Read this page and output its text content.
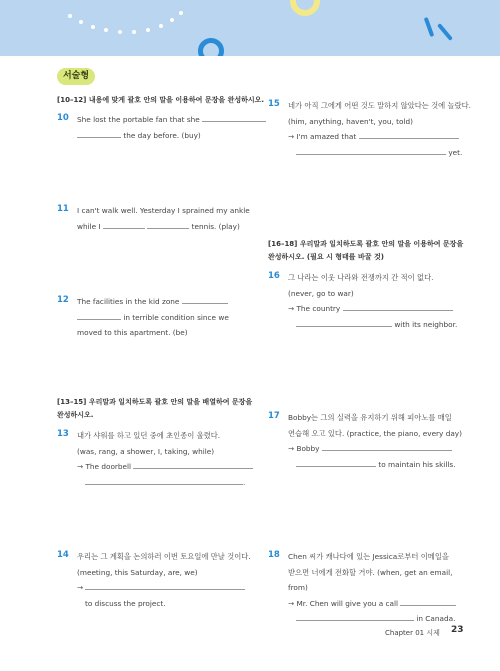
서술형
[10–12] 내용에 맞게 괄호 안의 말을 이용하여 문장을 완성하시오.
10 She lost the portable fan that she
the day before. (buy)
11 I can't walk well. Yesterday I sprained my ankle
while I	tennis. (play)
12 The facilities in the kid zone
in terrible condition since we
moved to this apartment. (be)
[13–15] 우리말과 일치하도록 괄호 안의 말을 배열하여 문장을
완성하시오.
13 내가 샤워를 하고 있던 중에 초인종이 울렸다.
(was, rang, a shower, I, taking, while)
→ The doorbell
.
14 우리는 그 계획을 논의하러 이번 토요일에 만날 것이다.
(meeting, this Saturday, are, we)
→
to discuss the project.
15 네가 아직 그에게 어떤 것도 말하지 않았다는 것에 놀랐다.
(him, anything, haven't, you, told)
→ I'm amazed that
yet.
[16–18] 우리말과 일치하도록 괄호 안의 말을 이용하여 문장을
완성하시오. (필요 시 형태를 바꿀 것)
16 그 나라는 이웃 나라와 전쟁까지 간 적이 없다.
(never, go to war)
→ The country
with its neighbor.
17 Bobby는 그의 실력을 유지하기 위해 피아노를 매일
연습해 오고 있다. (practice, the piano, every day)
→ Bobby
to maintain his skills.
18 Chen 씨가 캐나다에 있는 Jessica로부터 이메일을
받으면 너에게 전화할 거야. (when, get an email,
from)
→ Mr. Chen will give you a call
in Canada.
Chapter 01 시제 23
